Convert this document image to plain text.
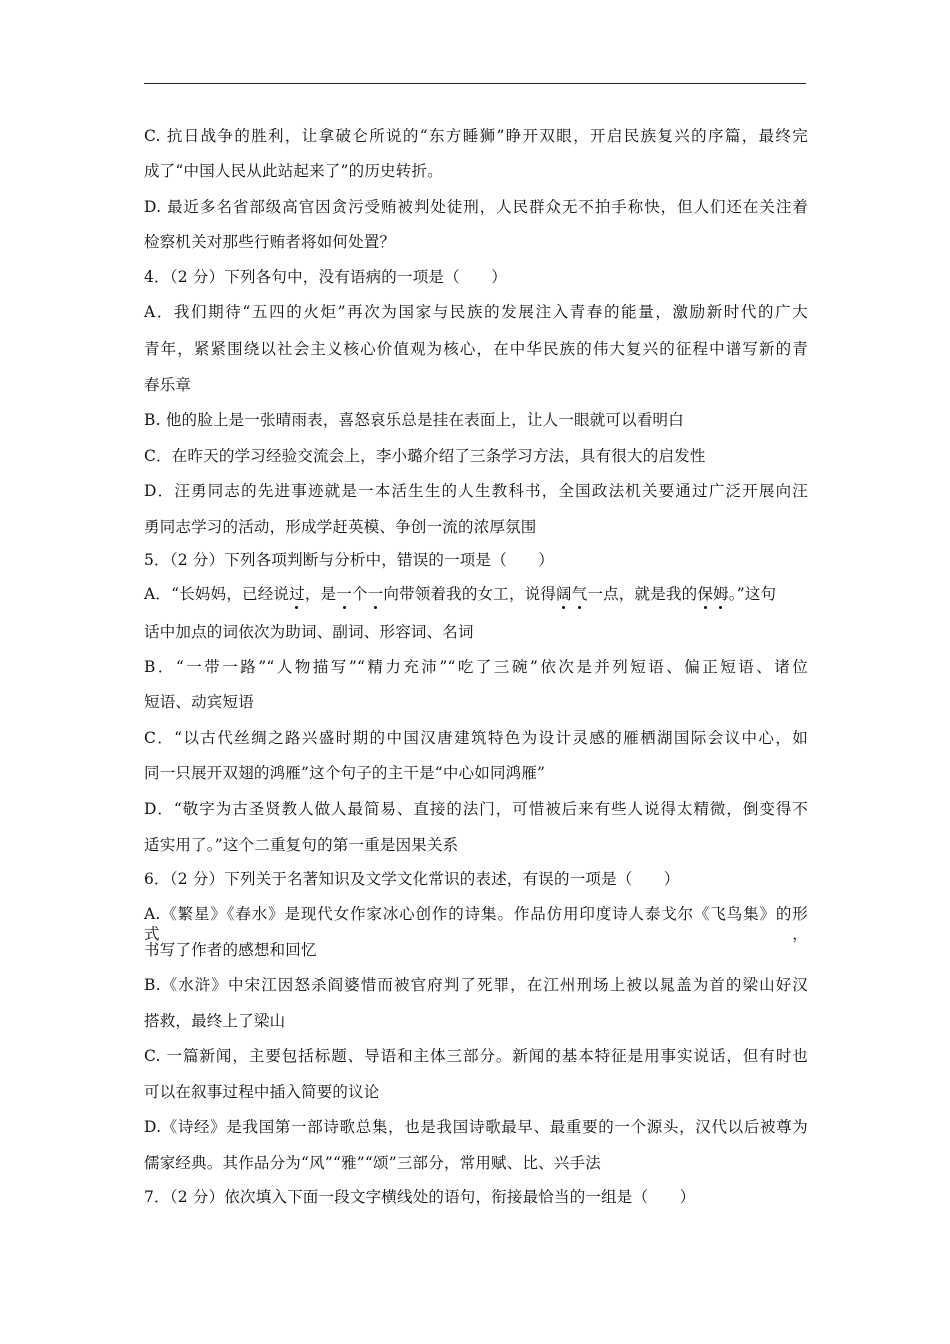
C. 抗日战争的胜利，让拿破仑所说的“东方睡狮”睁开双眼，开启民族复兴的序篇，最终完
成了“中国人民从此站起来了”的历史转折。
D. 最近多名省部级高官因贪污受贿被判处徒刑，人民群众无不拍手称快，但人们还在关注着
检察机关对那些行贿者将如何处置？
4．（2 分）下列各句中，没有语病的一项是（　　）
A．我们期待“五四的火炬”再次为国家与民族的发展注入青春的能量，激励新时代的广大
青年，紧紧围绕以社会主义核心价值观为核心，在中华民族的伟大复兴的征程中谱写新的青
春乐章
B. 他的脸上是一张晴雨表，喜怒哀乐总是挂在表面上，让人一眼就可以看明白
C．在昨天的学习经验交流会上，李小璐介绍了三条学习方法，具有很大的启发性
D．汪勇同志的先进事迹就是一本活生生的人生教科书，全国政法机关要通过广泛开展向汪
勇同志学习的活动，形成学赶英模、争创一流的浓厚氛围
5．（2 分）下列各项判断与分析中，错误的一项是（　　）
A．“长妈妈，已经说过，是一个一向带领着我的女工，说得阔气一点，就是我的保姆。”这句
话中加点的词依次为助词、副词、形容词、名词
B．“一带一路”“人物描写”“精力充沛”“吃了三碗”依次是并列短语、偏正短语、诸位
短语、动宾短语
C．“以古代丝绸之路兴盛时期的中国汉唐建筑特色为设计灵感的雁栖湖国际会议中心，如
同一只展开双翅的鸿雁”这个句子的主干是“中心如同鸿雁”
D．“敬字为古圣贤教人做人最简易、直接的法门，可惜被后来有些人说得太精微，倒变得不
适实用了。”这个二重复句的第一重是因果关系
6．（2 分）下列关于名著知识及文学文化常识的表述，有误的一项是（　　）
A.《繁星》《春水》是现代女作家冰心创作的诗集。作品仿用印度诗人泰戈尔《飞鸟集》的形式，
书写了作者的感想和回忆
B.《水浒》中宋江因怒杀阎婆惜而被官府判了死罪，在江州刑场上被以晁盖为首的梁山好汉
搭救，最终上了梁山
C. 一篇新闻，主要包括标题、导语和主体三部分。新闻的基本特征是用事实说话，但有时也
可以在叙事过程中插入简要的议论
D.《诗经》是我国第一部诗歌总集，也是我国诗歌最早、最重要的一个源头，汉代以后被尊为
儒家经典。其作品分为“风”“雅”“颂”三部分，常用赋、比、兴手法
7．（2 分）依次填入下面一段文字横线处的语句，衔接最恰当的一组是（　　）
